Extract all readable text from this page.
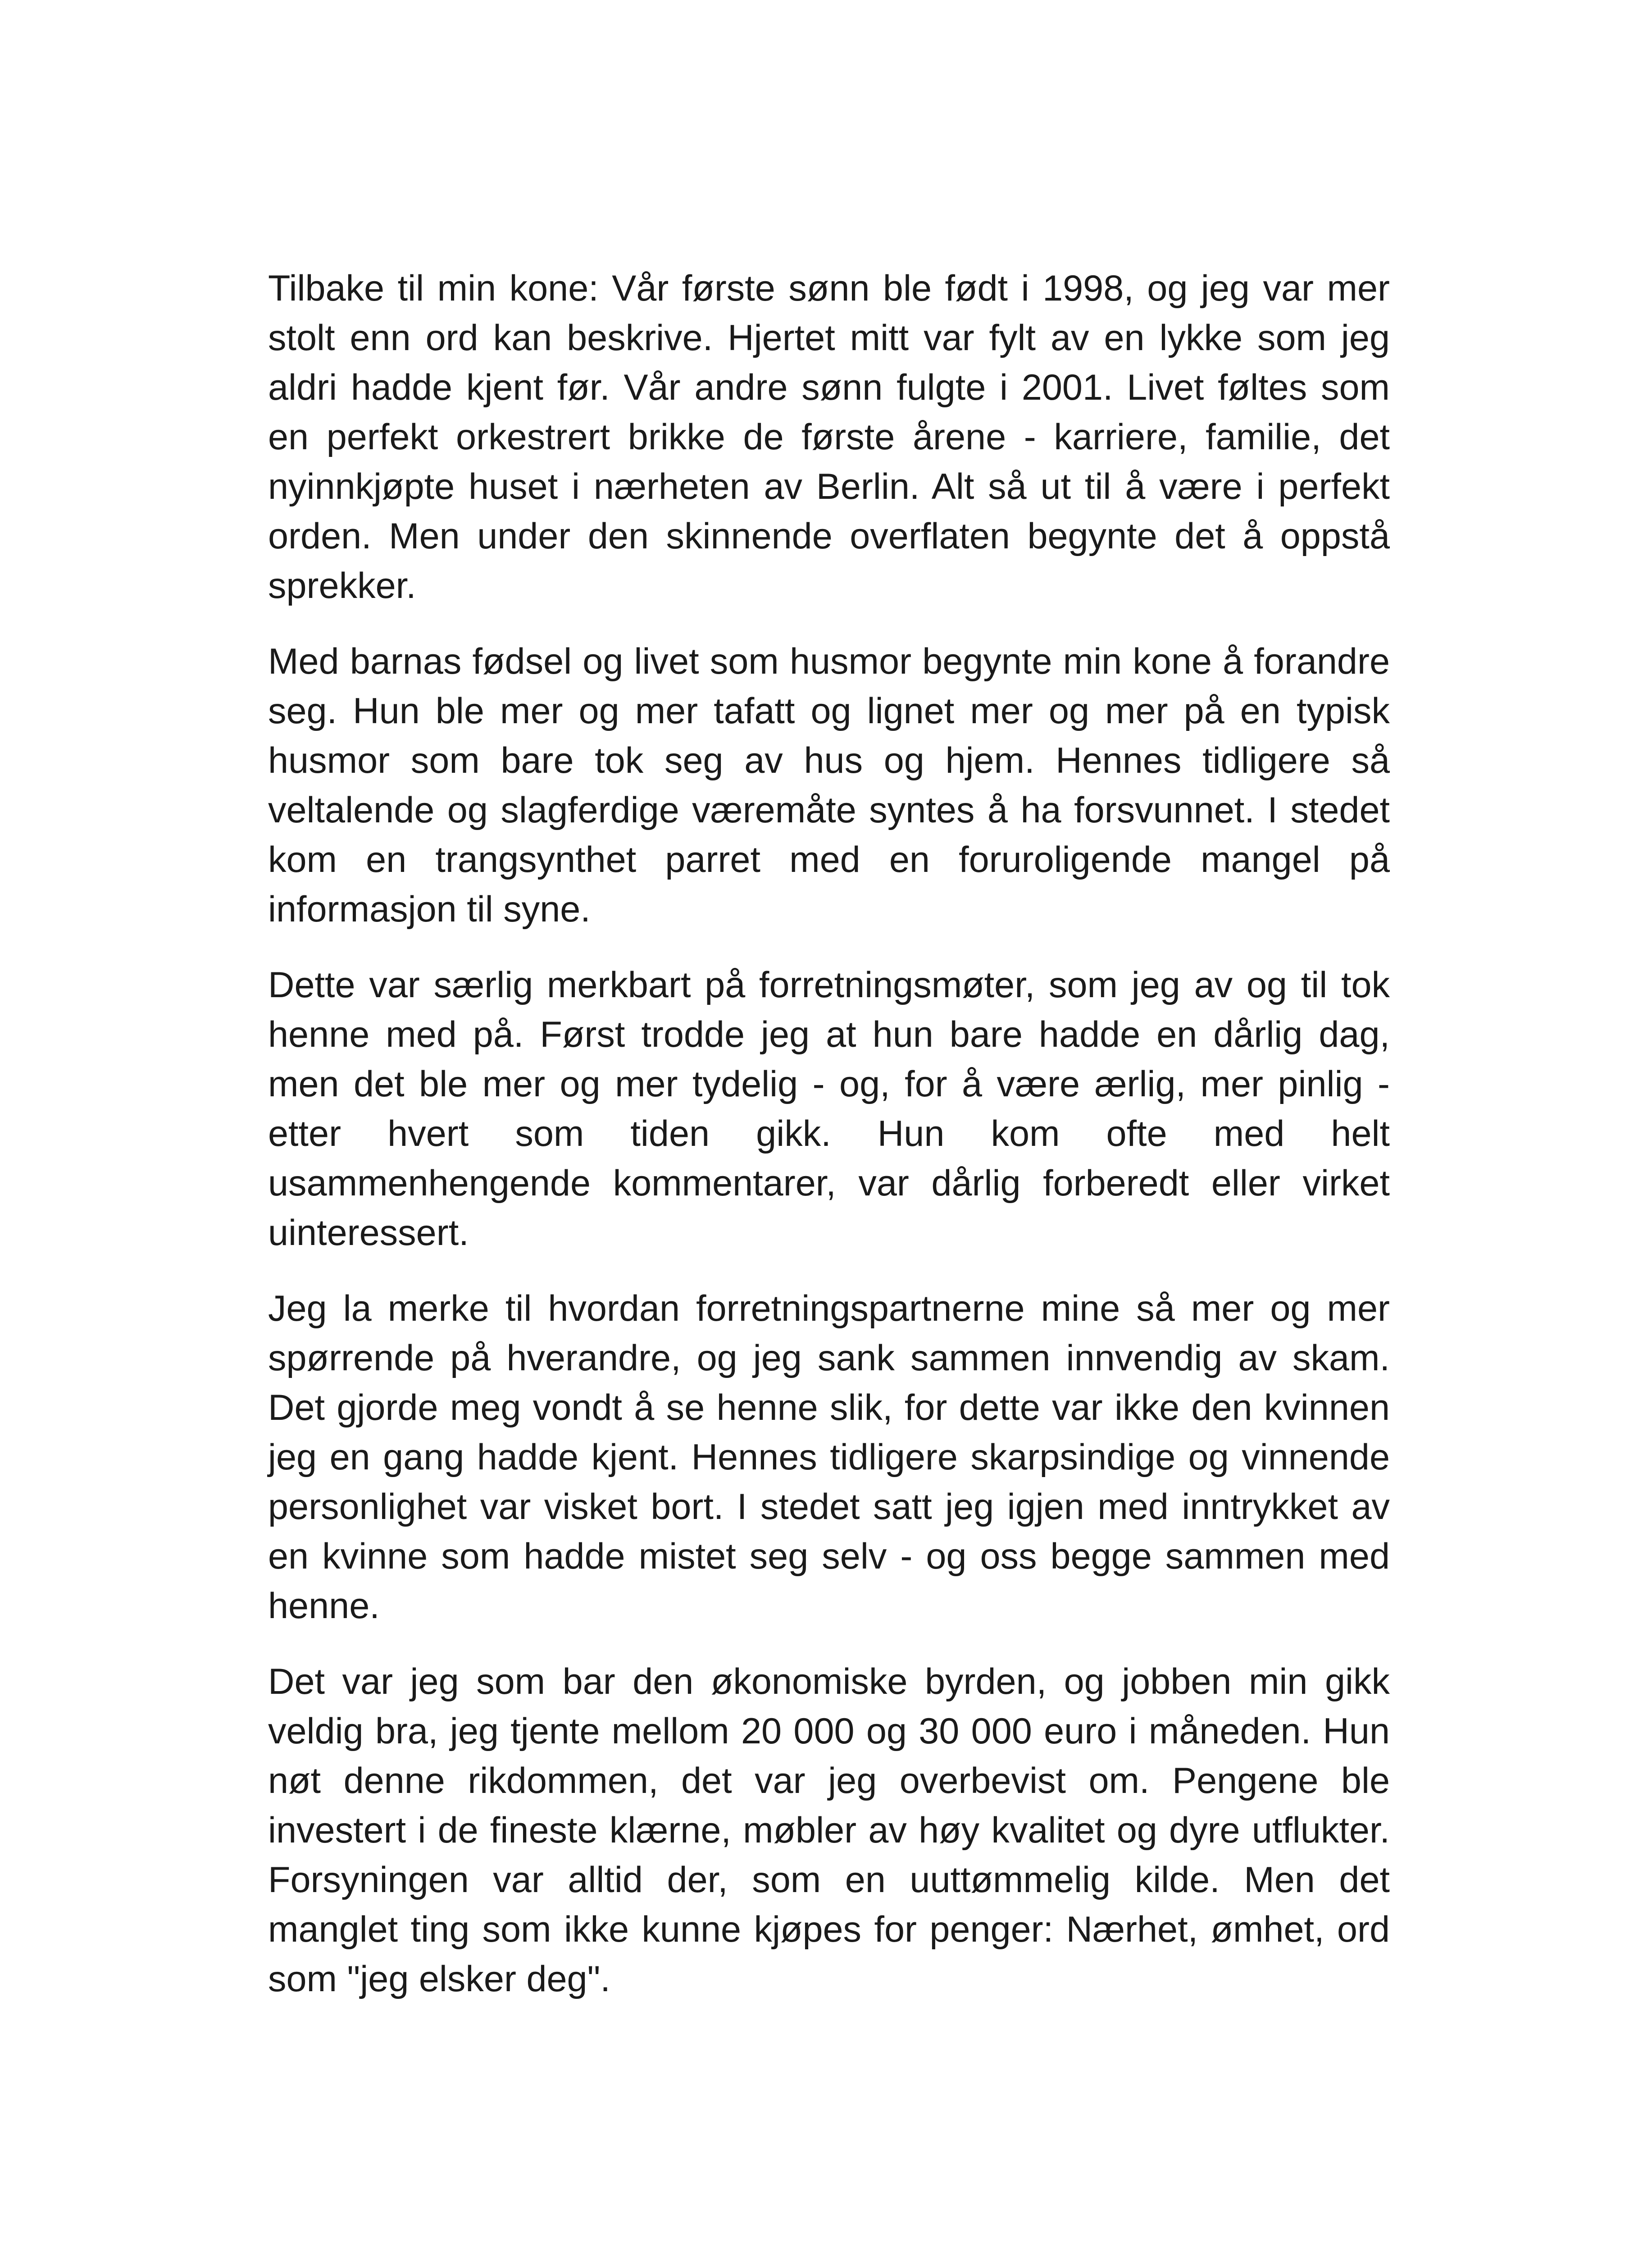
Tilbake til min kone: Vår første sønn ble født i 1998, og jeg var mer stolt enn ord kan beskrive. Hjertet mitt var fylt av en lykke som jeg aldri hadde kjent før. Vår andre sønn fulgte i 2001. Livet føltes som en perfekt orkestrert brikke de første årene - karriere, familie, det nyinnkjøpte huset i nærheten av Berlin. Alt så ut til å være i perfekt orden. Men under den skinnende overflaten begynte det å oppstå sprekker.

Med barnas fødsel og livet som husmor begynte min kone å forandre seg. Hun ble mer og mer tafatt og lignet mer og mer på en typisk husmor som bare tok seg av hus og hjem. Hennes tidligere så veltalende og slagferdige væremåte syntes å ha forsvunnet. I stedet kom en trangsynthet parret med en foruroligende mangel på informasjon til syne.

Dette var særlig merkbart på forretningsmøter, som jeg av og til tok henne med på. Først trodde jeg at hun bare hadde en dårlig dag, men det ble mer og mer tydelig - og, for å være ærlig, mer pinlig - etter hvert som tiden gikk. Hun kom ofte med helt usammenhengende kommentarer, var dårlig forberedt eller virket uinteressert.

Jeg la merke til hvordan forretningspartnerne mine så mer og mer spørrende på hverandre, og jeg sank sammen innvendig av skam. Det gjorde meg vondt å se henne slik, for dette var ikke den kvinnen jeg en gang hadde kjent. Hennes tidligere skarpsindige og vinnende personlighet var visket bort. I stedet satt jeg igjen med inntrykket av en kvinne som hadde mistet seg selv - og oss begge sammen med henne.

Det var jeg som bar den økonomiske byrden, og jobben min gikk veldig bra, jeg tjente mellom 20 000 og 30 000 euro i måneden. Hun nøt denne rikdommen, det var jeg overbevist om. Pengene ble investert i de fineste klærne, møbler av høy kvalitet og dyre utflukter. Forsyningen var alltid der, som en uuttømmelig kilde. Men det manglet ting som ikke kunne kjøpes for penger: Nærhet, ømhet, ord som "jeg elsker deg".
